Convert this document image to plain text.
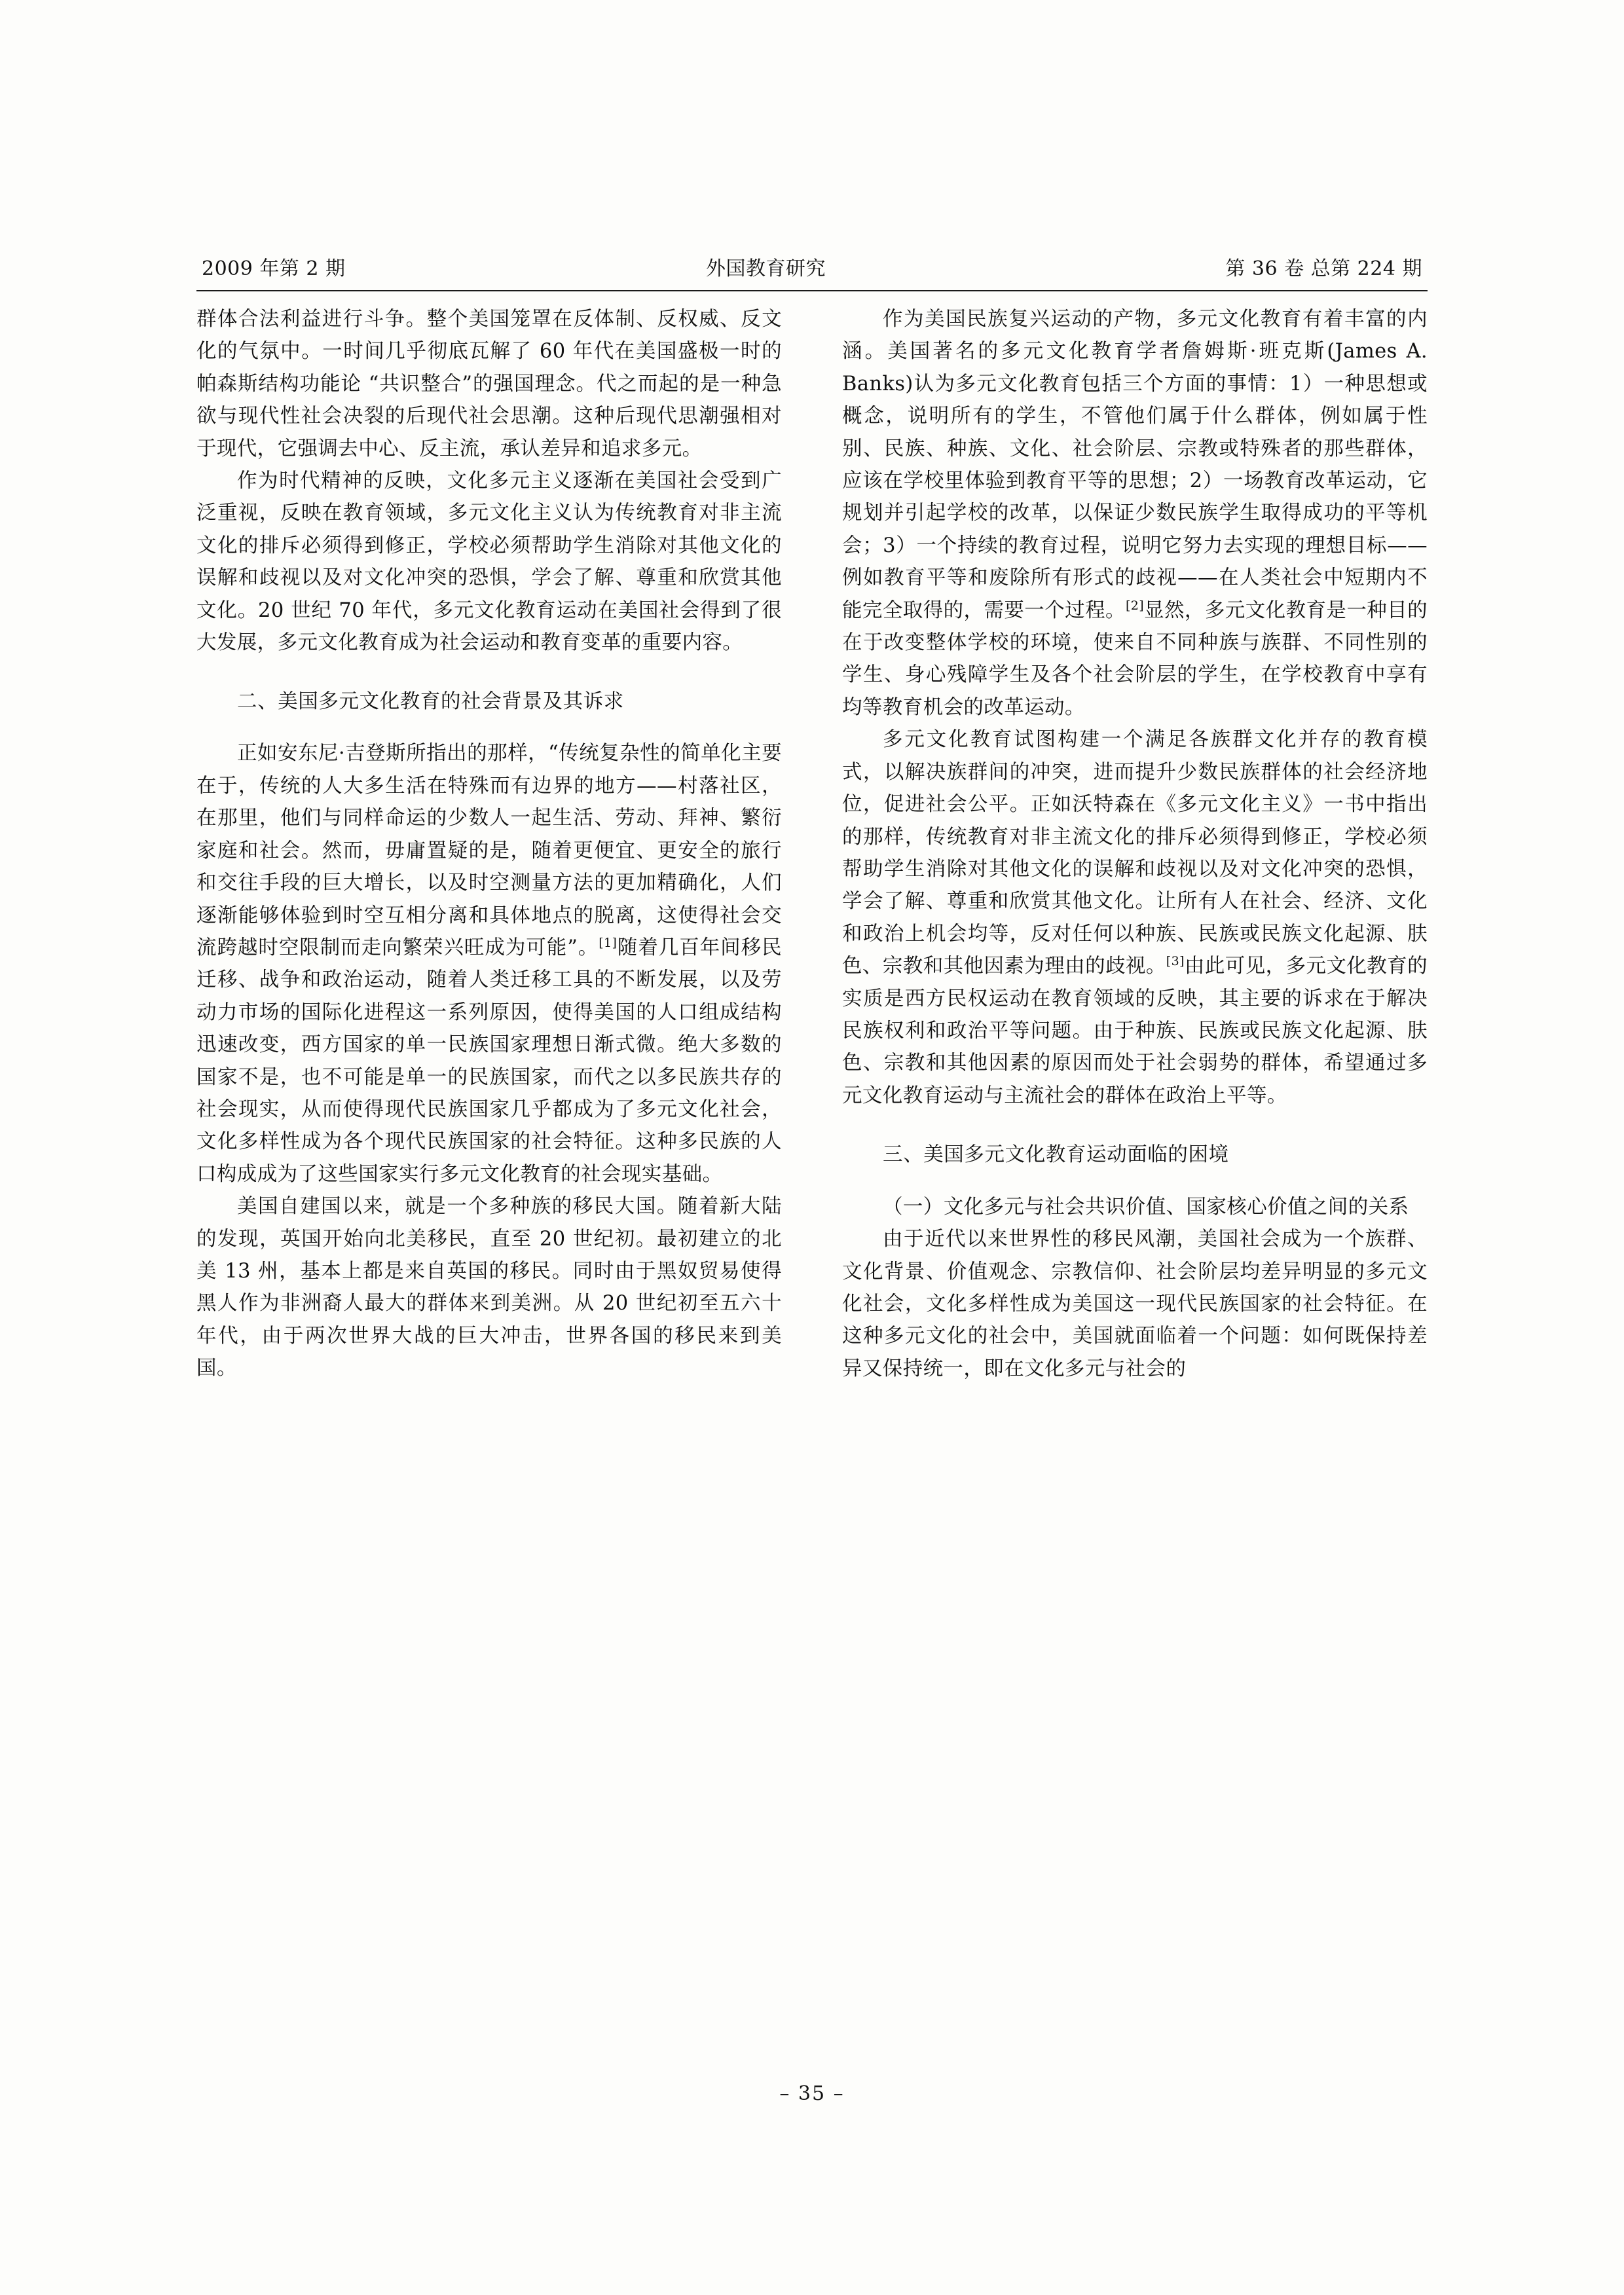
2009 年第 2 期	外国教育研究	第 36 卷 总第 224 期

群体合法利益进行斗争。整个美国笼罩在反体制、反权威、反文化的气氛中。一时间几乎彻底瓦解了 60 年代在美国盛极一时的帕森斯结构功能论 “共识整合”的强国理念。代之而起的是一种急欲与现代性社会决裂的后现代社会思潮。这种后现代思潮强相对于现代，它强调去中心、反主流，承认差异和追求多元。

作为时代精神的反映，文化多元主义逐渐在美国社会受到广泛重视，反映在教育领域，多元文化主义认为传统教育对非主流文化的排斥必须得到修正，学校必须帮助学生消除对其他文化的误解和歧视以及对文化冲突的恐惧，学会了解、尊重和欣赏其他文化。20 世纪 70 年代，多元文化教育运动在美国社会得到了很大发展，多元文化教育成为社会运动和教育变革的重要内容。

二、美国多元文化教育的社会背景及其诉求

正如安东尼·吉登斯所指出的那样，“传统复杂性的简单化主要在于，传统的人大多生活在特殊而有边界的地方——村落社区，在那里，他们与同样命运的少数人一起生活、劳动、拜神、繁衍家庭和社会。然而，毋庸置疑的是，随着更便宜、更安全的旅行和交往手段的巨大增长，以及时空测量方法的更加精确化，人们逐渐能够体验到时空互相分离和具体地点的脱离，这使得社会交流跨越时空限制而走向繁荣兴旺成为可能”。[1]随着几百年间移民迁移、战争和政治运动，随着人类迁移工具的不断发展，以及劳动力市场的国际化进程这一系列原因，使得美国的人口组成结构迅速改变，西方国家的单一民族国家理想日渐式微。绝大多数的国家不是，也不可能是单一的民族国家，而代之以多民族共存的社会现实，从而使得现代民族国家几乎都成为了多元文化社会，文化多样性成为各个现代民族国家的社会特征。这种多民族的人口构成成为了这些国家实行多元文化教育的社会现实基础。

美国自建国以来，就是一个多种族的移民大国。随着新大陆的发现，英国开始向北美移民，直至 20 世纪初。最初建立的北美 13 州，基本上都是来自英国的移民。同时由于黑奴贸易使得黑人作为非洲裔人最大的群体来到美洲。从 20 世纪初至五六十年代，由于两次世界大战的巨大冲击，世界各国的移民来到美国。

作为美国民族复兴运动的产物，多元文化教育有着丰富的内涵。美国著名的多元文化教育学者詹姆斯·班克斯(James A. Banks)认为多元文化教育包括三个方面的事情：1）一种思想或概念，说明所有的学生，不管他们属于什么群体，例如属于性别、民族、种族、文化、社会阶层、宗教或特殊者的那些群体，应该在学校里体验到教育平等的思想；2）一场教育改革运动，它规划并引起学校的改革，以保证少数民族学生取得成功的平等机会；3）一个持续的教育过程，说明它努力去实现的理想目标——例如教育平等和废除所有形式的歧视——在人类社会中短期内不能完全取得的，需要一个过程。[2]显然，多元文化教育是一种目的在于改变整体学校的环境，使来自不同种族与族群、不同性别的学生、身心残障学生及各个社会阶层的学生，在学校教育中享有均等教育机会的改革运动。

多元文化教育试图构建一个满足各族群文化并存的教育模式，以解决族群间的冲突，进而提升少数民族群体的社会经济地位，促进社会公平。正如沃特森在《多元文化主义》一书中指出的那样，传统教育对非主流文化的排斥必须得到修正，学校必须帮助学生消除对其他文化的误解和歧视以及对文化冲突的恐惧，学会了解、尊重和欣赏其他文化。让所有人在社会、经济、文化和政治上机会均等，反对任何以种族、民族或民族文化起源、肤色、宗教和其他因素为理由的歧视。[3]由此可见，多元文化教育的实质是西方民权运动在教育领域的反映，其主要的诉求在于解决民族权利和政治平等问题。由于种族、民族或民族文化起源、肤色、宗教和其他因素的原因而处于社会弱势的群体，希望通过多元文化教育运动与主流社会的群体在政治上平等。

三、美国多元文化教育运动面临的困境
（一）文化多元与社会共识价值、国家核心价值之间的关系

由于近代以来世界性的移民风潮，美国社会成为一个族群、文化背景、价值观念、宗教信仰、社会阶层均差异明显的多元文化社会，文化多样性成为美国这一现代民族国家的社会特征。在这种多元文化的社会中，美国就面临着一个问题：如何既保持差异又保持统一，即在文化多元与社会的

– 35 –
